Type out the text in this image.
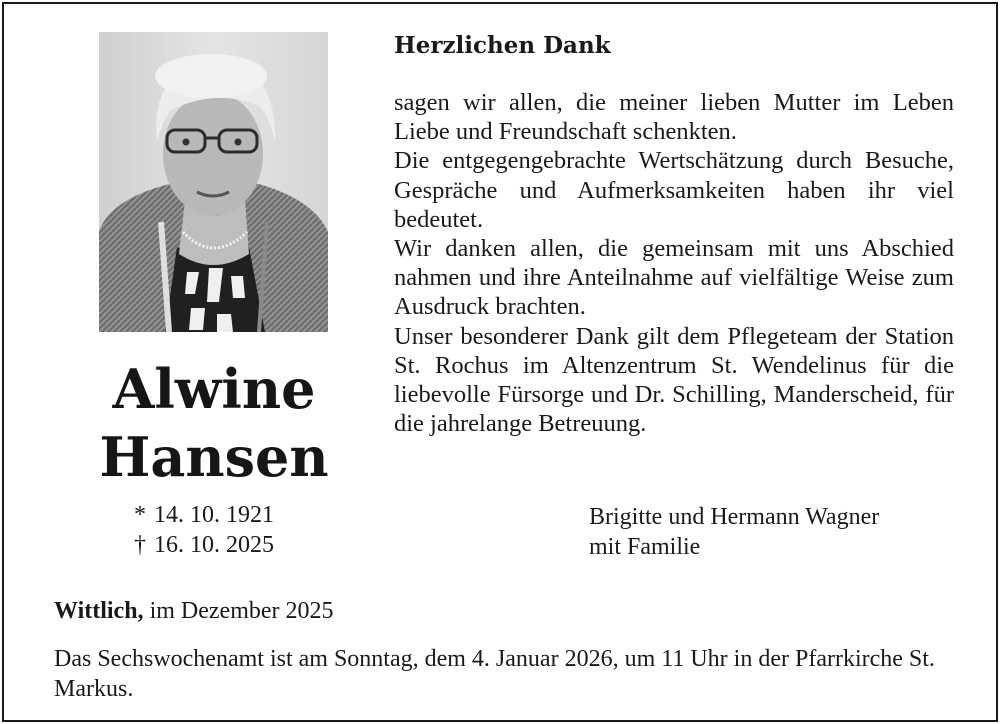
Alwine
Hansen
* 14. 10. 1921
† 16. 10. 2025
Herzlichen Dank

sagen wir allen, die meiner lieben Mutter im Leben Liebe und Freundschaft schenkten.

Die entgegengebrachte Wertschätzung durch Besuche, Gespräche und Aufmerksamkeiten haben ihr viel bedeutet.

Wir danken allen, die gemeinsam mit uns Abschied nahmen und ihre Anteilnahme auf vielfältige Weise zum Ausdruck brachten.

Unser besonderer Dank gilt dem Pflegeteam der Station St. Rochus im Altenzentrum St. Wendelinus für die liebevolle Fürsorge und Dr. Schilling, Manderscheid, für die jahrelange Betreuung.

Brigitte und Hermann Wagner
mit Familie
Wittlich, im Dezember 2025
Das Sechswochenamt ist am Sonntag, dem 4. Januar 2026, um 11 Uhr in der Pfarrkirche St. Markus.
